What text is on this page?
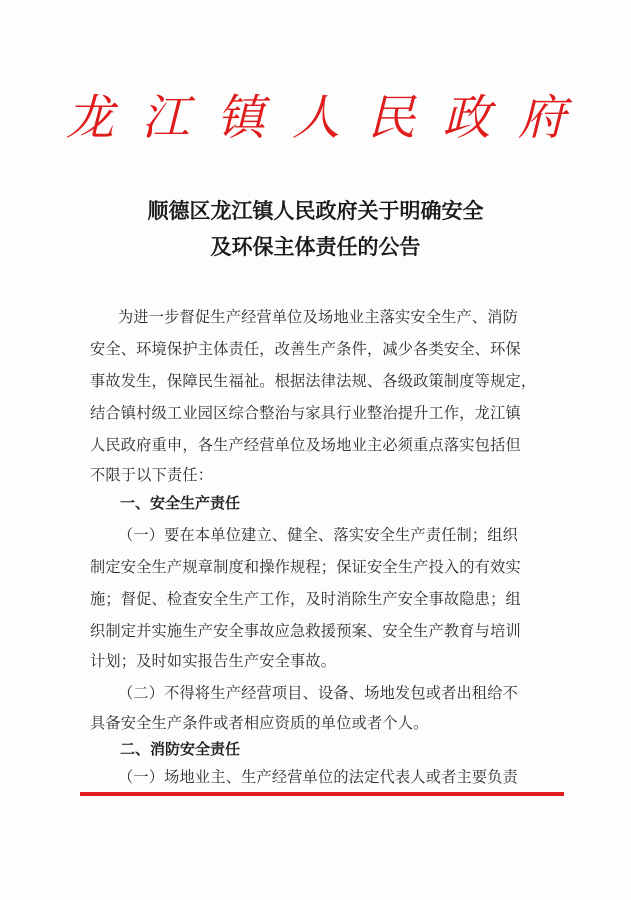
龙 江 镇 人 民 政 府
顺德区龙江镇人民政府关于明确安全
及环保主体责任的公告
为进一步督促生产经营单位及场地业主落实安全生产、消防
安全、环境保护主体责任，改善生产条件，减少各类安全、环保
事故发生，保障民生福祉。根据法律法规、各级政策制度等规定，
结合镇村级工业园区综合整治与家具行业整治提升工作，龙江镇
人民政府重申，各生产经营单位及场地业主必须重点落实包括但
不限于以下责任：
一、安全生产责任
（一）要在本单位建立、健全、落实安全生产责任制；组织
制定安全生产规章制度和操作规程；保证安全生产投入的有效实
施；督促、检查安全生产工作，及时消除生产安全事故隐患；组
织制定并实施生产安全事故应急救援预案、安全生产教育与培训
计划；及时如实报告生产安全事故。
（二）不得将生产经营项目、设备、场地发包或者出租给不
具备安全生产条件或者相应资质的单位或者个人。
二、消防安全责任
（一）场地业主、生产经营单位的法定代表人或者主要负责
